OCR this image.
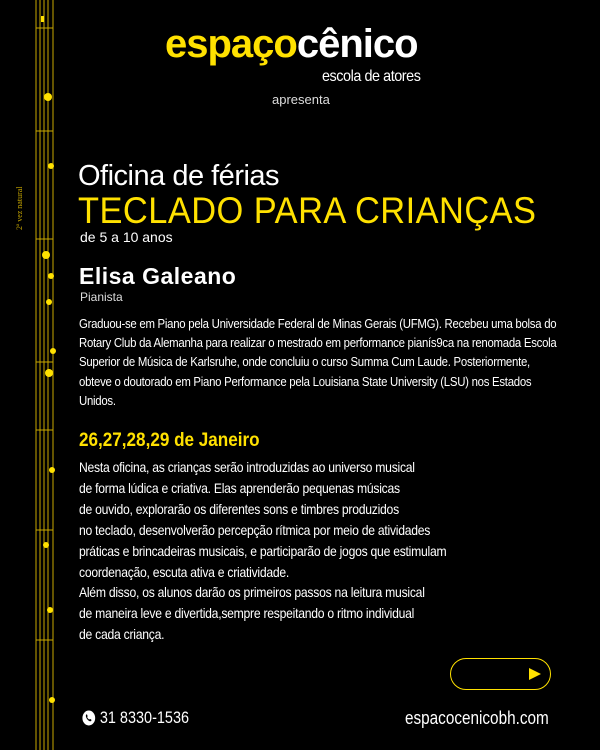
2ª vez natural
espaçocênico
escola de atores
apresenta
Oficina de férias
TECLADO PARA CRIANÇAS
de 5 a 10 anos
Elisa Galeano
Pianista
Graduou-se em Piano pela Universidade Federal de Minas Gerais (UFMG). Recebeu uma bolsa do Rotary Club da Alemanha para realizar o mestrado em performance pianís9ca na renomada Escola Superior de Música de Karlsruhe, onde concluiu o curso Summa Cum Laude. Posteriormente, obteve o doutorado em Piano Performance pela Louisiana State University (LSU) nos Estados Unidos.
26,27,28,29 de Janeiro
Nesta oficina, as crianças serão introduzidas ao universo musical
de forma lúdica e criativa. Elas aprenderão pequenas músicas
de ouvido, explorarão os diferentes sons e timbres produzidos
no teclado, desenvolverão percepção rítmica por meio de atividades
práticas e brincadeiras musicais, e participarão de jogos que estimulam
coordenação, escuta ativa e criatividade.
Além disso, os alunos darão os primeiros passos na leitura musical
de maneira leve e divertida,sempre respeitando o ritmo individual
de cada criança.
31 8330-1536	espacocenicobh.com
